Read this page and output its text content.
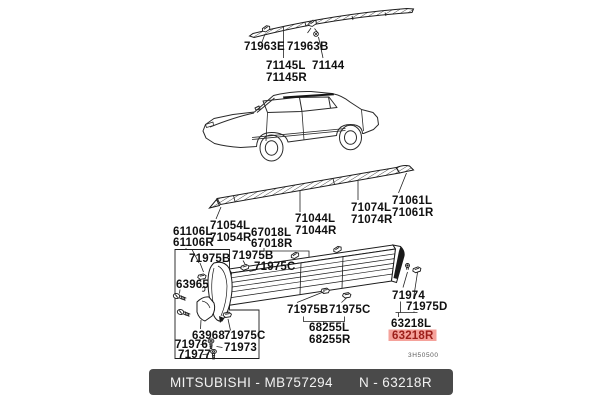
71963E 71963B
71145L
71145R
71144
71054L
71054R
61106L
61106R
67018L
67018R
71044L
71044R
71074L
71074R
71061L
71061R
71975B 71975B
71975C
63965
63968 71975C
71976
71977
71973
71975B 71975C
68255L
68255R
71974
71975D
63218L
63218R
3H50500
MITSUBISHI - MB757294 N - 63218R
